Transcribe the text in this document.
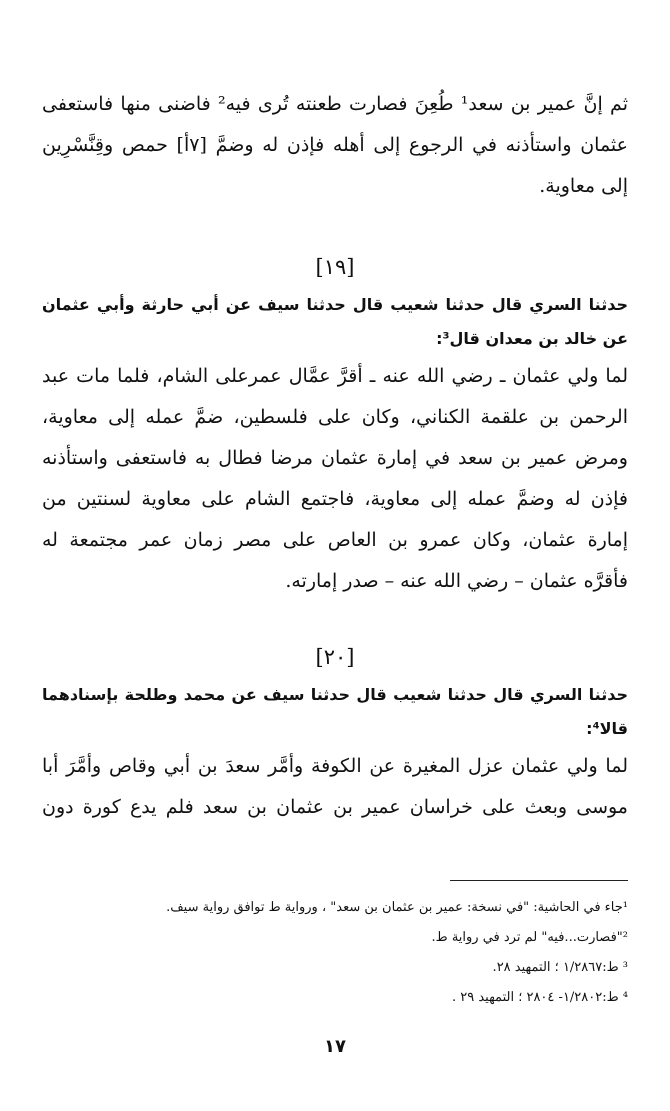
ثم إنَّ عمير بن سعد¹ طُعِنَ فصارت طعنته تُرى فيه² فاضنى منها فاستعفى
عثمان واستأذنه في الرجوع إلى أهله فإذن له وضمَّ [٧أ] حمص وقِنَّسْرِين
إلى معاوية.

[١٩]

حدثنا السري قال حدثنا شعيب قال حدثنا سيف عن أبي حارثة وأبي عثمان
عن خالد بن معدان قال³:

لما ولي عثمان ـ رضي الله عنه ـ أقرَّ عمَّال عمرعلى الشام، فلما مات عبد
الرحمن بن علقمة الكناني، وكان على فلسطين، ضمَّ عمله إلى معاوية،
ومرض عمير بن سعد في إمارة عثمان مرضا فطال به فاستعفى واستأذنه
فإذن له وضمَّ عمله إلى معاوية، فاجتمع الشام على معاوية لسنتين من
إمارة عثمان، وكان عمرو بن العاص على مصر زمان عمر مجتمعة له
فأقرَّه عثمان – رضي الله عنه – صدر إمارته.

[٢٠]

حدثنا السري قال حدثنا شعيب قال حدثنا سيف عن محمد وطلحة بإسنادهما
قالا⁴:

لما ولي عثمان عزل المغيرة عن الكوفة وأمَّر سعدَ بن أبي وقاص وأمَّرَ أبا
موسى وبعث على خراسان عمير بن عثمان بن سعد فلم يدع كورة دون

¹جاء في الحاشية: "في نسخة: عمير بن عثمان بن سعد" ، ورواية ط توافق رواية سيف.
²"فصارت...فيه" لم ترد في رواية ط.
³ ط:١/٢٨٦٧ ؛ التمهيد ٢٨.
⁴ ط:١/٢٨٠٢- ٢٨٠٤ ؛ التمهيد ٢٩ .
١٧
